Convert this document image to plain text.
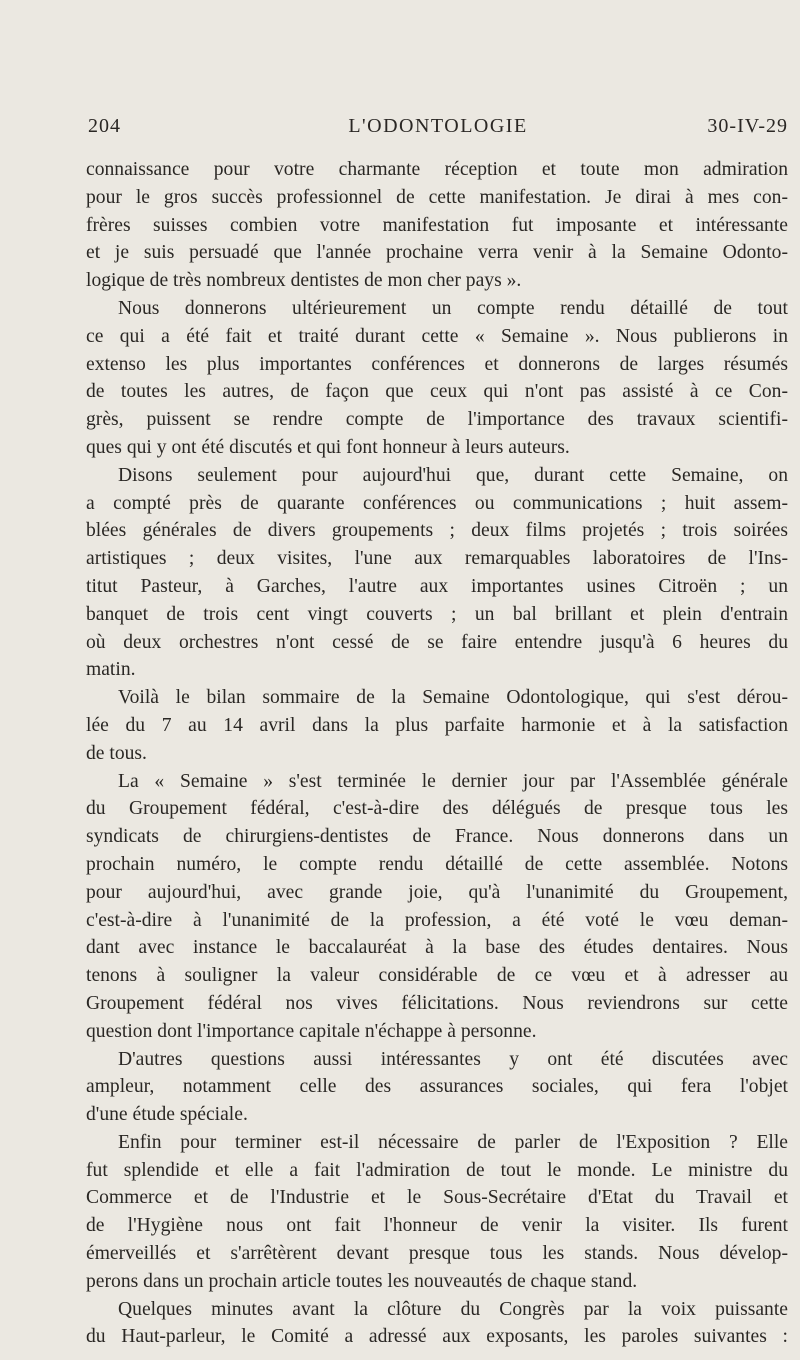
204	L'ODONTOLOGIE	30-IV-29
connaissance pour votre charmante réception et toute mon admiration
pour le gros succès professionnel de cette manifestation. Je dirai à mes con-
frères suisses combien votre manifestation fut imposante et intéressante
et je suis persuadé que l'année prochaine verra venir à la Semaine Odonto-
logique de très nombreux dentistes de mon cher pays ».
Nous donnerons ultérieurement un compte rendu détaillé de tout
ce qui a été fait et traité durant cette « Semaine ». Nous publierons in
extenso les plus importantes conférences et donnerons de larges résumés
de toutes les autres, de façon que ceux qui n'ont pas assisté à ce Con-
grès, puissent se rendre compte de l'importance des travaux scientifi-
ques qui y ont été discutés et qui font honneur à leurs auteurs.
Disons seulement pour aujourd'hui que, durant cette Semaine, on
a compté près de quarante conférences ou communications ; huit assem-
blées générales de divers groupements ; deux films projetés ; trois soirées
artistiques ; deux visites, l'une aux remarquables laboratoires de l'Ins-
titut Pasteur, à Garches, l'autre aux importantes usines Citroën ; un
banquet de trois cent vingt couverts ; un bal brillant et plein d'entrain
où deux orchestres n'ont cessé de se faire entendre jusqu'à 6 heures du
matin.
Voilà le bilan sommaire de la Semaine Odontologique, qui s'est dérou-
lée du 7 au 14 avril dans la plus parfaite harmonie et à la satisfaction
de tous.
La « Semaine » s'est terminée le dernier jour par l'Assemblée générale
du Groupement fédéral, c'est-à-dire des délégués de presque tous les
syndicats de chirurgiens-dentistes de France. Nous donnerons dans un
prochain numéro, le compte rendu détaillé de cette assemblée. Notons
pour aujourd'hui, avec grande joie, qu'à l'unanimité du Groupement,
c'est-à-dire à l'unanimité de la profession, a été voté le vœu deman-
dant avec instance le baccalauréat à la base des études dentaires. Nous
tenons à souligner la valeur considérable de ce vœu et à adresser au
Groupement fédéral nos vives félicitations. Nous reviendrons sur cette
question dont l'importance capitale n'échappe à personne.
D'autres questions aussi intéressantes y ont été discutées avec
ampleur, notamment celle des assurances sociales, qui fera l'objet
d'une étude spéciale.
Enfin pour terminer est-il nécessaire de parler de l'Exposition ? Elle
fut splendide et elle a fait l'admiration de tout le monde. Le ministre du
Commerce et de l'Industrie et le Sous-Secrétaire d'Etat du Travail et
de l'Hygiène nous ont fait l'honneur de venir la visiter. Ils furent
émerveillés et s'arrêtèrent devant presque tous les stands. Nous dévelop-
perons dans un prochain article toutes les nouveautés de chaque stand.
Quelques minutes avant la clôture du Congrès par la voix puissante
du Haut-parleur, le Comité a adressé aux exposants, les paroles suivantes :
